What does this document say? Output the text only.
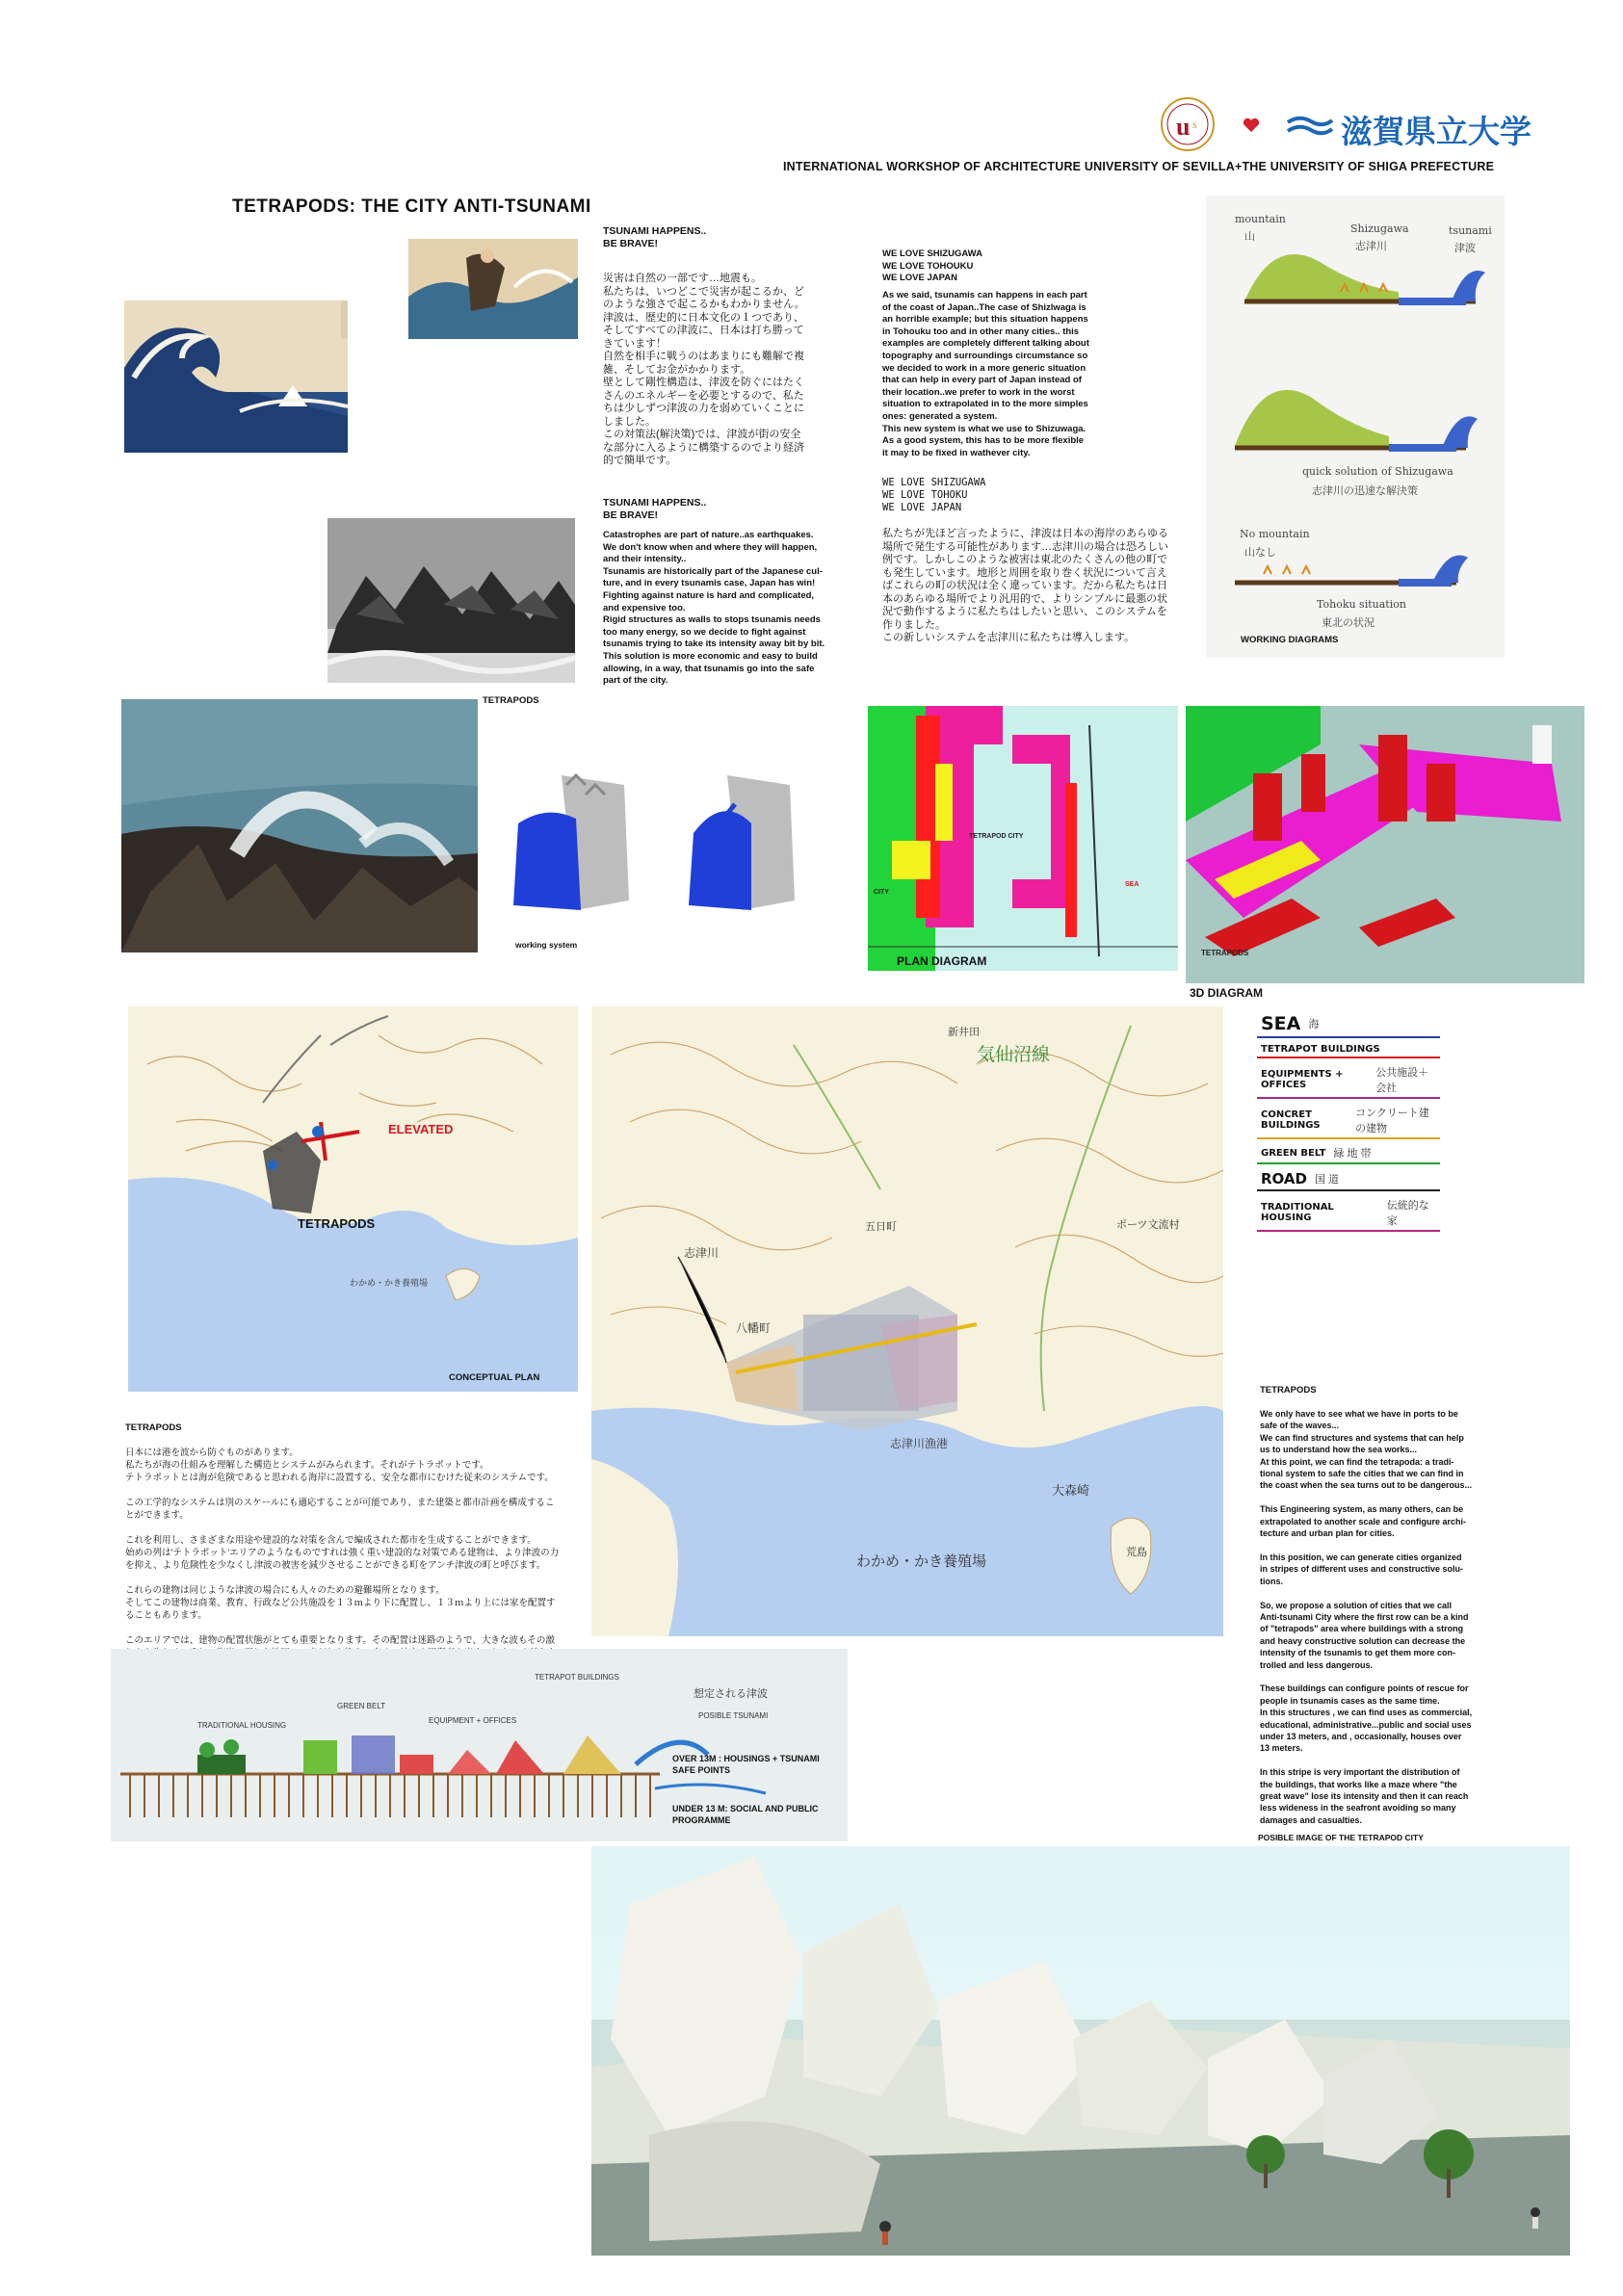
u s	滋賀県立大学
INTERNATIONAL WORKSHOP OF ARCHITECTURE UNIVERSITY OF SEVILLA+THE UNIVERSITY OF SHIGA PREFECTURE
TETRAPODS: THE CITY ANTI-TSUNAMI
TSUNAMI HAPPENS..
BE BRAVE!
災害は自然の一部です…地震も。
私たちは、いつどこで災害が起こるか、ど
のような強さで起こるかもわかりません。
津波は、歴史的に日本文化の１つであり、
そしてすべての津波に、日本は打ち勝って
きています！
自然を相手に戦うのはあまりにも難解で複
雑、そしてお金がかかります。
壁として剛性構造は、津波を防ぐにはたく
さんのエネルギーを必要とするので、私た
ちは少しずつ津波の力を弱めていくことに
しました。
この対策法(解決策)では、津波が街の安全
な部分に入るように構築するのでより経済
的で簡単です。
TSUNAMI HAPPENS..
BE BRAVE!
Catastrophes are part of nature..as earthquakes.
We don't know when and where they will happen,
and their intensity..
Tsunamis are historically part of the Japanese cul-
ture, and in every tsunamis case, Japan has win!
Fighting against nature is hard and complicated,
and expensive too.
Rigid structures as walls to stops tsunamis needs
too many energy, so we decide to fight against
tsunamis trying to take its intensity away bit by bit.
This solution is more economic and easy to build
allowing, in a way, that tsunamis go into the safe
part of the city.
WE LOVE SHIZUGAWA
WE LOVE TOHOUKU
WE LOVE JAPAN
As we said, tsunamis can happens in each part
of the coast of Japan..The case of Shizlwaga is
an horrible example; but this situation happens
in Tohouku too and in other many cities.. this
examples are completely different talking about
topography and surroundings circumstance so
we decided to work in a more generic situation
that can help in every part of Japan instead of
their location..we prefer to work in the worst
situation to extrapolated in to the more simples
ones: generated a system.
This new system is what we use to Shizuwaga.
As a good system, this has to be more flexible
it may to be fixed in wathever city.
WE LOVE SHIZUGAWA
WE LOVE TOHOKU
WE LOVE JAPAN
私たちが先ほど言ったように、津波は日本の海岸のあらゆる
場所で発生する可能性があります…志津川の場合は恐ろしい
例です。しかしこのような被害は東北のたくさんの他の町で
も発生しています。地形と周囲を取り巻く状況について言え
ばこれらの町の状況は全く違っています。だから私たちは日
本のあらゆる場所でより汎用的で、よりシンプルに最悪の状
況で動作するように私たちはしたいと思い、このシステムを
作りました。
この新しいシステムを志津川に私たちは導入します。
mountain
山
Shizugawa
志津川
tsunami
津波
quick solution of Shizugawa
志津川の迅速な解決策
No mountain
山なし
Tohoku situation
東北の状況
WORKING DIAGRAMS
TETRAPODS
working system
TETRAPOD CITY
CITY
SEA
PLAN DIAGRAM
TETRAPODS
3D DIAGRAM
SEA 海
TETRAPOT BUILDINGS
EQUIPMENTS + OFFICES
公共施設＋会社
CONCRET BUILDINGS
コンクリート建の建物
GREEN BELT 緑 地 帯
ROAD 国 道
TRADITIONAL HOUSING
伝統的な家
ELEVATED
TETRAPODS
わかめ・かき養殖場
CONCEPTUAL PLAN
気仙沼線
新井田
志津川
八幡町
五日町
志津川漁港
わかめ・かき養殖場
大森崎
荒島
ポーツ文流村
TETRAPODS
日本には港を波から防ぐものがあります。
私たちが海の仕組みを理解した構造とシステムがみられます。それがテトラポットです。
テトラポットとは海が危険であると思われる海岸に設置する、安全な都市にむけた従来のシステムです。

この工学的なシステムは別のスケールにも適応することが可能であり、また建築と都市計画を構成するこ
とができます。

これを利用し、さまざまな用途や建設的な対策を含んで編成された都市を生成することができます。
始めの列は'テトラポット'エリアのようなものですれは強く重い建設的な対策である建物は、より津波の力
を抑え、より危険性を少なくし津波の被害を減少させることができる町をアンチ津波の町と呼びます。

これらの建物は同じような津波の場合にも人々のための避難場所となります。
そしてこの建物は商業、教育、行政など公共施設を１３ｍより下に配置し、１３ｍより上には家を配置す
ることもあります。

このエリアでは、建物の配置状態がとても重要となります。その配置は迷路のようで、大きな波もその激

TETRAPODS
We only have to see what we have in ports to be
safe of the waves...
We can find structures and systems that can help
us to understand how the sea works...
At this point, we can find the tetrapoda: a tradi-
tional system to safe the cities that we can find in
the coast when the sea turns out to be dangerous...

This Engineering system, as many others, can be
extrapolated to another scale and configure archi-
tecture and urban plan for cities.

In this position, we can generate cities organized
in stripes of different uses and constructive solu-
tions.

So, we propose a solution of cities that we call
Anti-tsunami City where the first row can be a kind
of "tetrapods" area where buildings with a strong
and heavy constructive solution can decrease the
intensity of the tsunamis to get them more con-
trolled and less dangerous.

These buildings can configure points of rescue for
people in tsunamis cases as the same time.
In this structures , we can find uses as commercial,
educational, administrative...public and social uses
under 13 meters, and , occasionally, houses over
13 meters.

In this stripe is very important the distribution of
the buildings, that works like a maze where "the
great wave" lose its intensity and then it can reach
less wideness in the seafront avoiding so many
damages and casualties.
TRADITIONAL HOUSING
GREEN BELT
EQUIPMENT + OFFICES
TETRAPOT BUILDINGS
POSIBLE TSUNAMI
想定される津波
OVER 13M : HOUSINGS + TSUNAMI
SAFE POINTS
UNDER 13 M: SOCIAL AND PUBLIC
PROGRAMME
POSIBLE IMAGE OF THE TETRAPOD CITY
